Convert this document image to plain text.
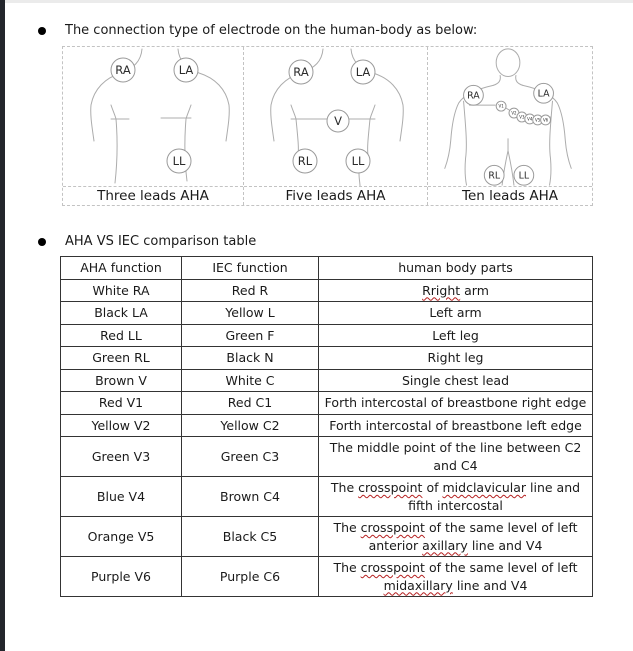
The connection type of electrode on the human-body as below:
RA	LA
LL
Three leads AHA
RA	LA
V
RL	LL
Five leads AHA
RA	LA
V1
V2
V3 V4 V5 V6
RL LL
Ten leads AHA
AHA VS IEC comparison table
AHA function	IEC function	human body parts
White RA	Red R	Rright arm
Black LA	Yellow L	Left arm
Red LL	Green F	Left leg
Green RL	Black N	Right leg
Brown V	White C	Single chest lead
Red V1	Red C1	Forth intercostal of breastbone right edge
Yellow V2	Yellow C2	Forth intercostal of breastbone left edge
Green V3	Green C3	The middle point of the line between C2 and C4
Blue V4	Brown C4	The crosspoint of midclavicular line and fifth intercostal
Orange V5	Black C5	The crosspoint of the same level of left anterior axillary line and V4
Purple V6	Purple C6	The crosspoint of the same level of left midaxillary line and V4
